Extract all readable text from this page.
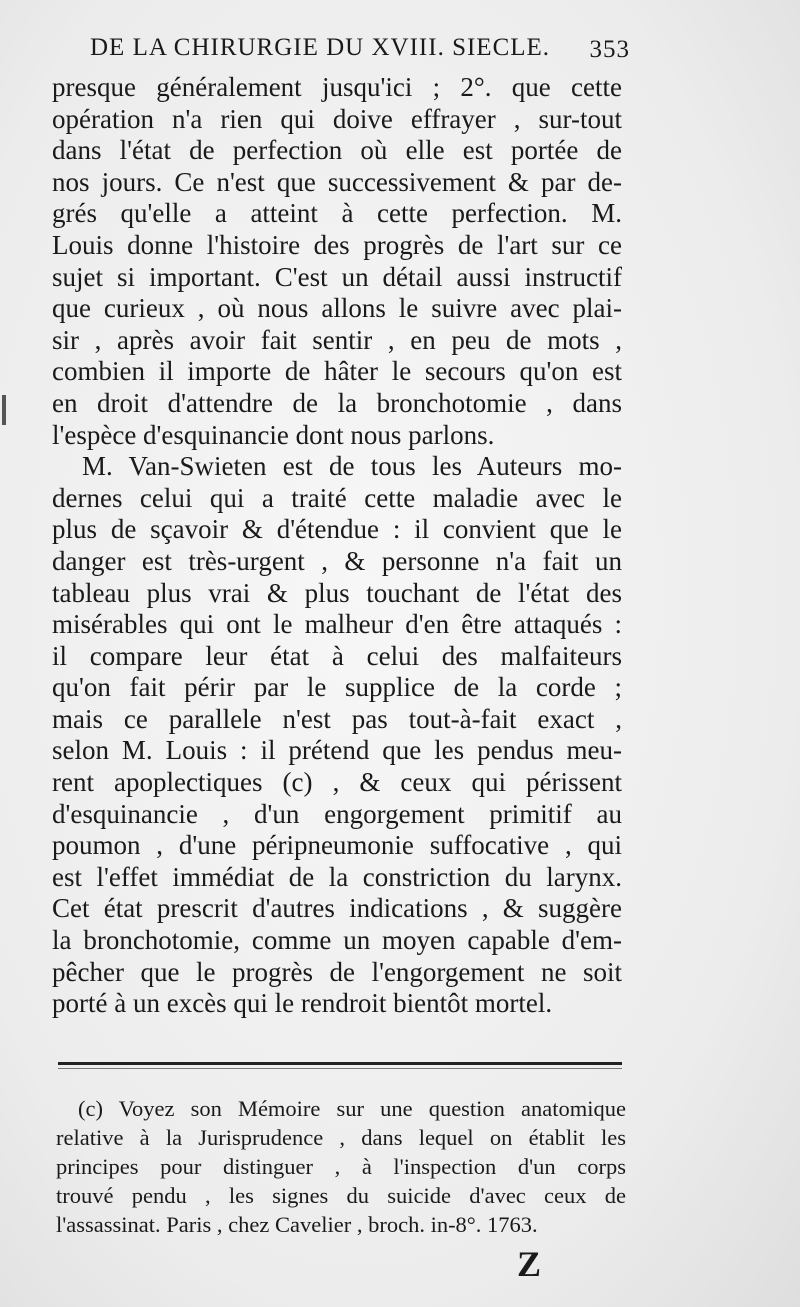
DE LA CHIRURGIE DU XVIII. SIECLE. 353
presque généralement jusqu'ici ; 2°. que cette
opération n'a rien qui doive effrayer , sur-tout
dans l'état de perfection où elle est portée de
nos jours. Ce n'est que successivement & par de-
grés qu'elle a atteint à cette perfection. M.
Louis donne l'histoire des progrès de l'art sur ce
sujet si important. C'est un détail aussi instructif
que curieux , où nous allons le suivre avec plai-
sir , après avoir fait sentir , en peu de mots ,
combien il importe de hâter le secours qu'on est
en droit d'attendre de la bronchotomie , dans
l'espèce d'esquinancie dont nous parlons.
M. Van-Swieten est de tous les Auteurs mo-
dernes celui qui a traité cette maladie avec le
plus de sçavoir & d'étendue : il convient que le
danger est très-urgent , & personne n'a fait un
tableau plus vrai & plus touchant de l'état des
misérables qui ont le malheur d'en être attaqués :
il compare leur état à celui des malfaiteurs
qu'on fait périr par le supplice de la corde ;
mais ce parallele n'est pas tout-à-fait exact ,
selon M. Louis : il prétend que les pendus meu-
rent apoplectiques (c) , & ceux qui périssent
d'esquinancie , d'un engorgement primitif au
poumon , d'une péripneumonie suffocative , qui
est l'effet immédiat de la constriction du larynx.
Cet état prescrit d'autres indications , & suggère
la bronchotomie, comme un moyen capable d'em-
pêcher que le progrès de l'engorgement ne soit
porté à un excès qui le rendroit bientôt mortel.
(c) Voyez son Mémoire sur une question anatomique
relative à la Jurisprudence , dans lequel on établit les
principes pour distinguer , à l'inspection d'un corps
trouvé pendu , les signes du suicide d'avec ceux de
l'assassinat. Paris , chez Cavelier , broch. in-8°. 1763.
Z
